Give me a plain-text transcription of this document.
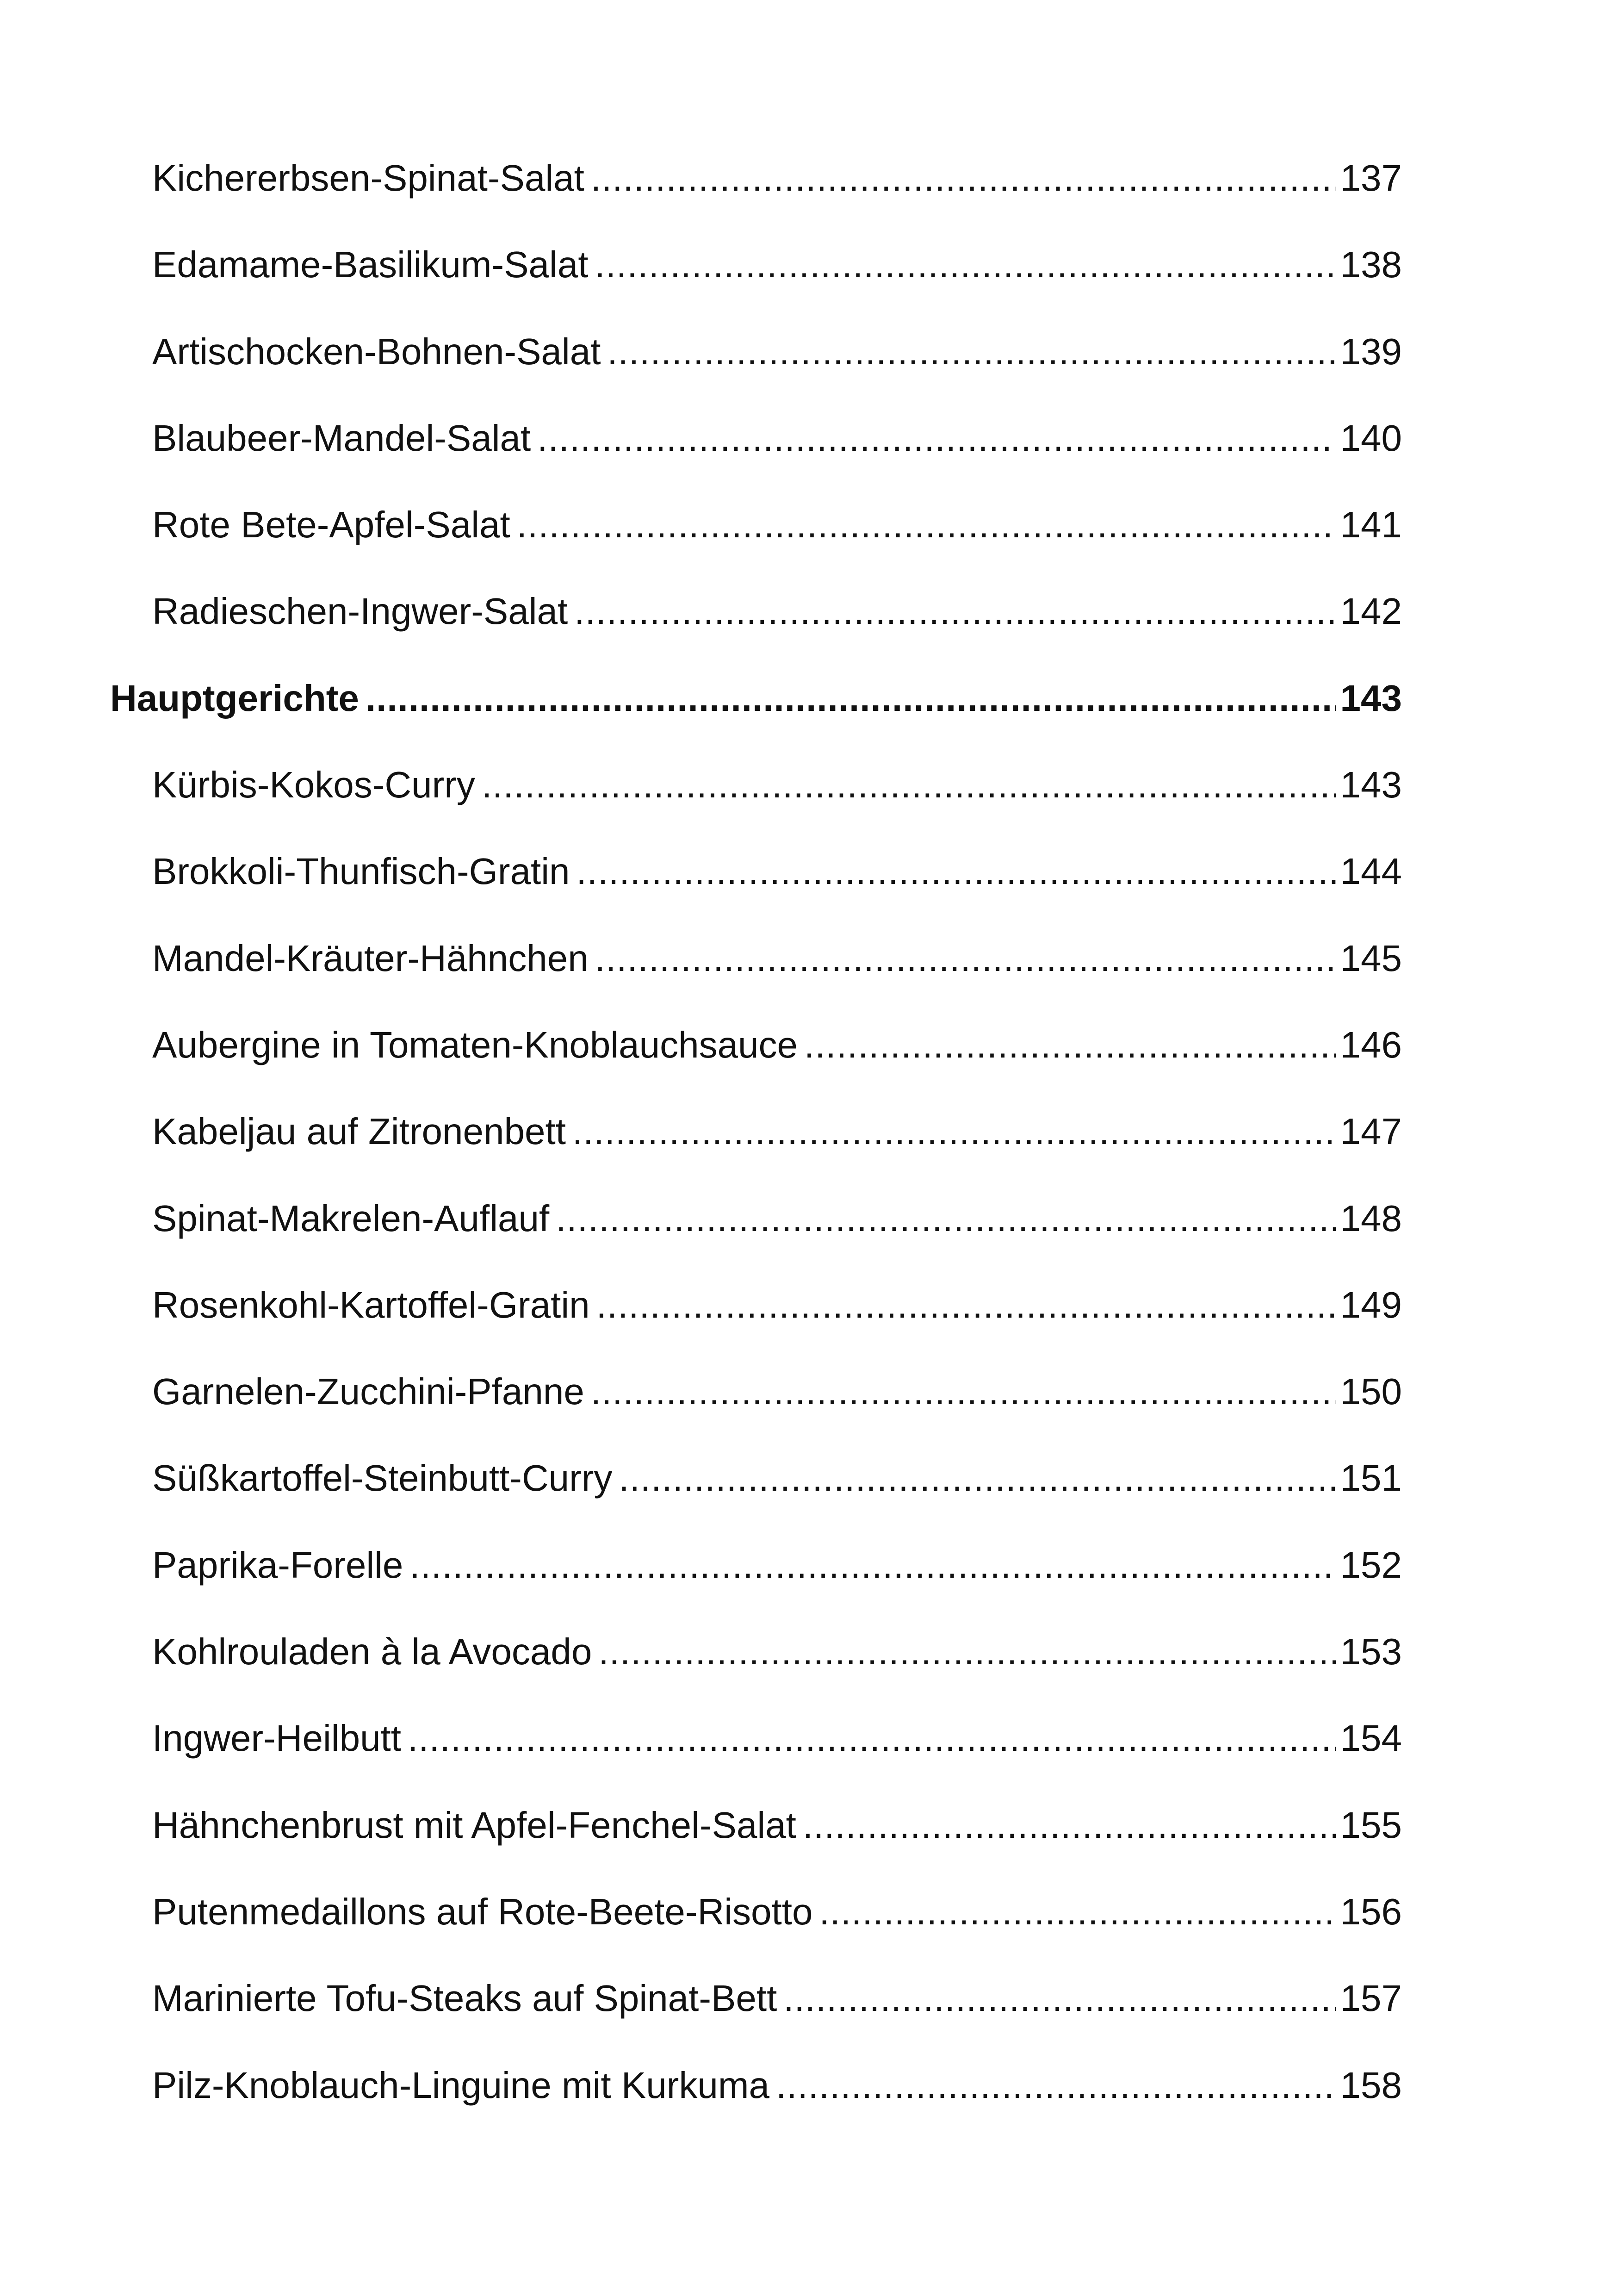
Kichererbsen-Spinat-Salat .....	137
Edamame-Basilikum-Salat .....	138
Artischocken-Bohnen-Salat .....	139
Blaubeer-Mandel-Salat .....	140
Rote Bete-Apfel-Salat .....	141
Radieschen-Ingwer-Salat .....	142
Hauptgerichte .....	143
Kürbis-Kokos-Curry .....	143
Brokkoli-Thunfisch-Gratin .....	144
Mandel-Kräuter-Hähnchen .....	145
Aubergine in Tomaten-Knoblauchsauce .....	146
Kabeljau auf Zitronenbett .....	147
Spinat-Makrelen-Auflauf .....	148
Rosenkohl-Kartoffel-Gratin .....	149
Garnelen-Zucchini-Pfanne .....	150
Süßkartoffel-Steinbutt-Curry .....	151
Paprika-Forelle .....	152
Kohlrouladen à la Avocado .....	153
Ingwer-Heilbutt .....	154
Hähnchenbrust mit Apfel-Fenchel-Salat .....	155
Putenmedaillons auf Rote-Beete-Risotto .....	156
Marinierte Tofu-Steaks auf Spinat-Bett .....	157
Pilz-Knoblauch-Linguine mit Kurkuma .....	158
